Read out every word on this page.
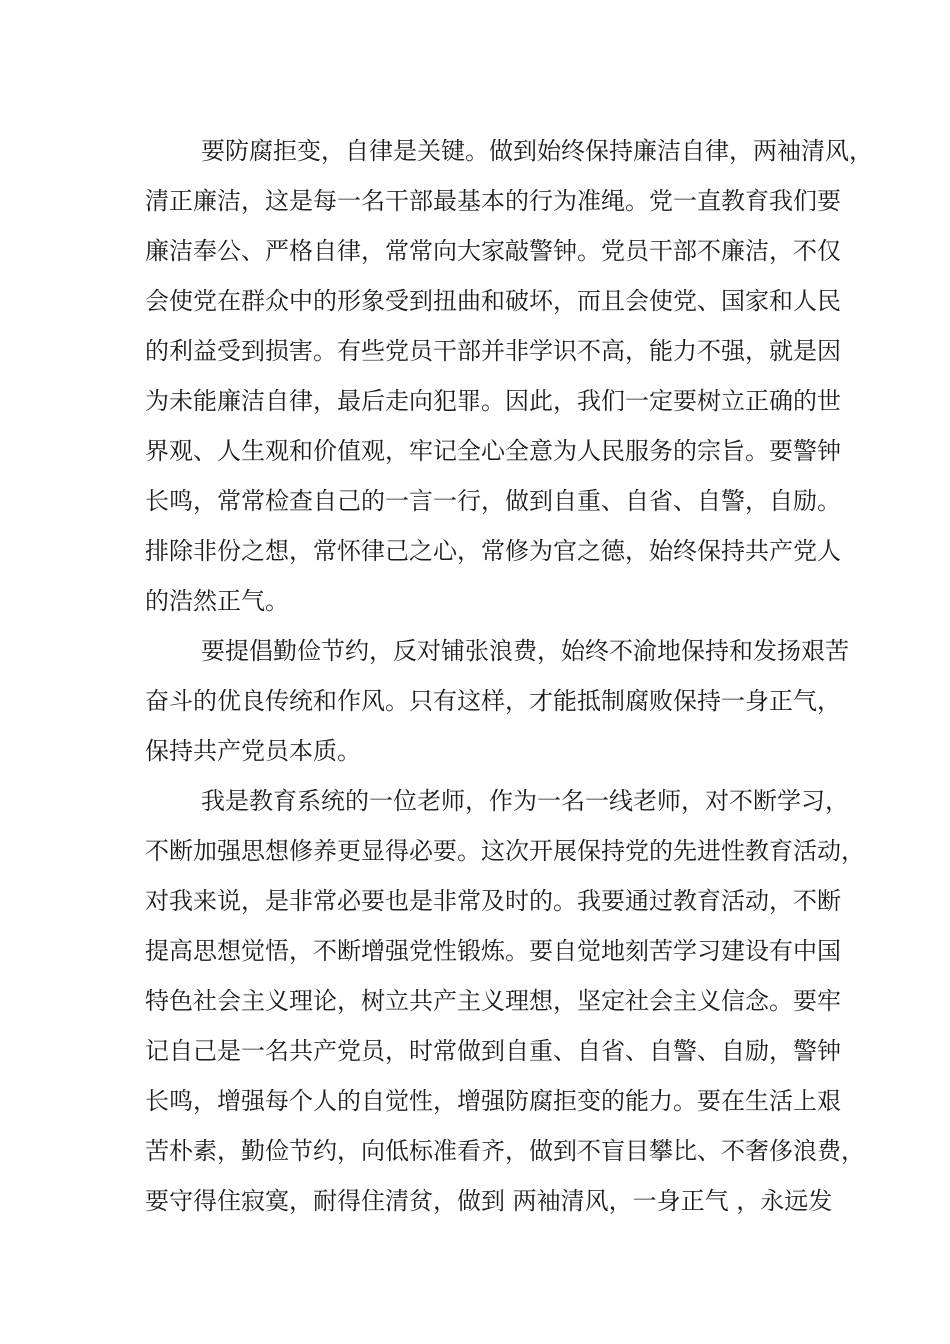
要防腐拒变，自律是关键。做到始终保持廉洁自律，两袖清风，
清正廉洁，这是每一名干部最基本的行为准绳。党一直教育我们要
廉洁奉公、严格自律，常常向大家敲警钟。党员干部不廉洁，不仅
会使党在群众中的形象受到扭曲和破坏，而且会使党、国家和人民
的利益受到损害。有些党员干部并非学识不高，能力不强，就是因
为未能廉洁自律，最后走向犯罪。因此，我们一定要树立正确的世
界观、人生观和价值观，牢记全心全意为人民服务的宗旨。要警钟
长鸣，常常检查自己的一言一行，做到自重、自省、自警，自励。
排除非份之想，常怀律己之心，常修为官之德，始终保持共产党人
的浩然正气。
要提倡勤俭节约，反对铺张浪费，始终不渝地保持和发扬艰苦
奋斗的优良传统和作风。只有这样，才能抵制腐败保持一身正气，
保持共产党员本质。
我是教育系统的一位老师，作为一名一线老师，对不断学习，
不断加强思想修养更显得必要。这次开展保持党的先进性教育活动，
对我来说，是非常必要也是非常及时的。我要通过教育活动，不断
提高思想觉悟，不断增强党性锻炼。要自觉地刻苦学习建设有中国
特色社会主义理论，树立共产主义理想，坚定社会主义信念。要牢
记自己是一名共产党员，时常做到自重、自省、自警、自励，警钟
长鸣，增强每个人的自觉性，增强防腐拒变的能力。要在生活上艰
苦朴素，勤俭节约，向低标准看齐，做到不盲目攀比、不奢侈浪费，
要守得住寂寞，耐得住清贫，做到 两袖清风，一身正气 ，永远发
